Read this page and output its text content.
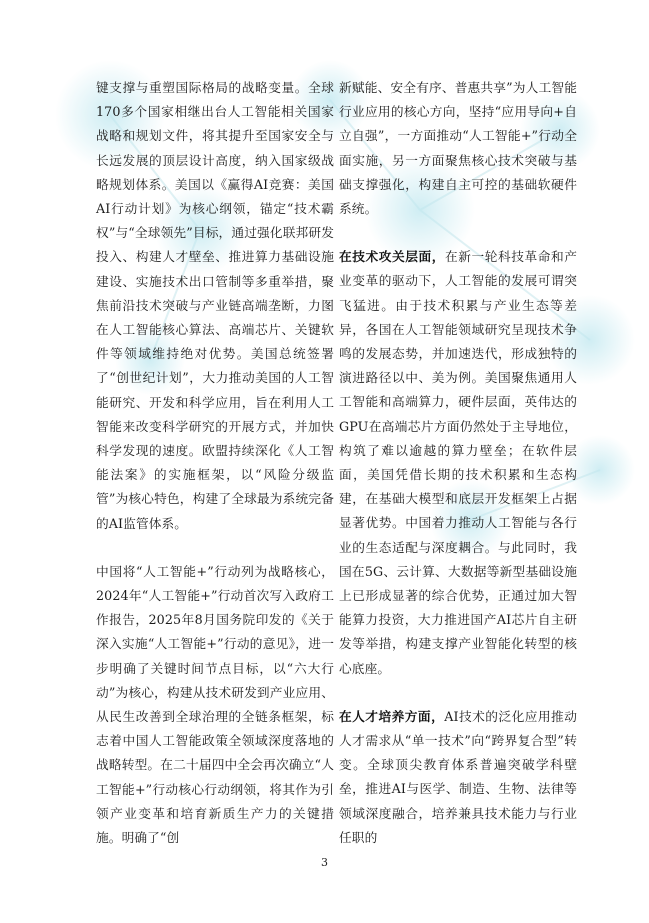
键支撑与重塑国际格局的战略变量。全球170多个国家相继出台人工智能相关国家战略和规划文件，将其提升至国家安全与长远发展的顶层设计高度，纳入国家级战略规划体系。美国以《赢得AI竞赛：美国AI行动计划》为核心纲领，锚定“技术霸权”与“全球领先”目标，通过强化联邦研发投入、构建人才壁垒、推进算力基础设施建设、实施技术出口管制等多重举措，聚焦前沿技术突破与产业链高端垄断，力图在人工智能核心算法、高端芯片、关键软件等领域维持绝对优势。美国总统签署了“创世纪计划”，大力推动美国的人工智能研究、开发和科学应用，旨在利用人工智能来改变科学研究的开展方式，并加快科学发现的速度。欧盟持续深化《人工智能法案》的实施框架，以“风险分级监管”为核心特色，构建了全球最为系统完备的AI监管体系。

中国将“人工智能+”行动列为战略核心，2024年“人工智能+”行动首次写入政府工作报告，2025年8月国务院印发的《关于深入实施“人工智能+”行动的意见》，进一步明确了关键时间节点目标，以“六大行动”为核心，构建从技术研发到产业应用、从民生改善到全球治理的全链条框架，标志着中国人工智能政策全领域深度落地的战略转型。在二十届四中全会再次确立“人工智能+”行动核心行动纲领，将其作为引领产业变革和培育新质生产力的关键措施。明确了“创

新赋能、安全有序、普惠共享”为人工智能行业应用的核心方向，坚持“应用导向+自立自强”，一方面推动“人工智能+”行动全面实施，另一方面聚焦核心技术突破与基础支撑强化，构建自主可控的基础软硬件系统。

在技术攻关层面，在新一轮科技革命和产业变革的驱动下，人工智能的发展可谓突飞猛进。由于技术积累与产业生态等差异，各国在人工智能领域研究呈现技术争鸣的发展态势，并加速迭代，形成独特的演进路径以中、美为例。美国聚焦通用人工智能和高端算力，硬件层面，英伟达的GPU在高端芯片方面仍然处于主导地位，构筑了难以逾越的算力壁垒；在软件层面，美国凭借长期的技术积累和生态构建，在基础大模型和底层开发框架上占据显著优势。中国着力推动人工智能与各行业的生态适配与深度耦合。与此同时，我国在5G、云计算、大数据等新型基础设施上已形成显著的综合优势，正通过加大智能算力投资，大力推进国产AI芯片自主研发等举措，构建支撑产业智能化转型的核心底座。

在人才培养方面，AI技术的泛化应用推动人才需求从“单一技术”向“跨界复合型”转变。全球顶尖教育体系普遍突破学科壁垒，推进AI与医学、制造、生物、法律等领域深度融合，培养兼具技术能力与行业任职的

3
